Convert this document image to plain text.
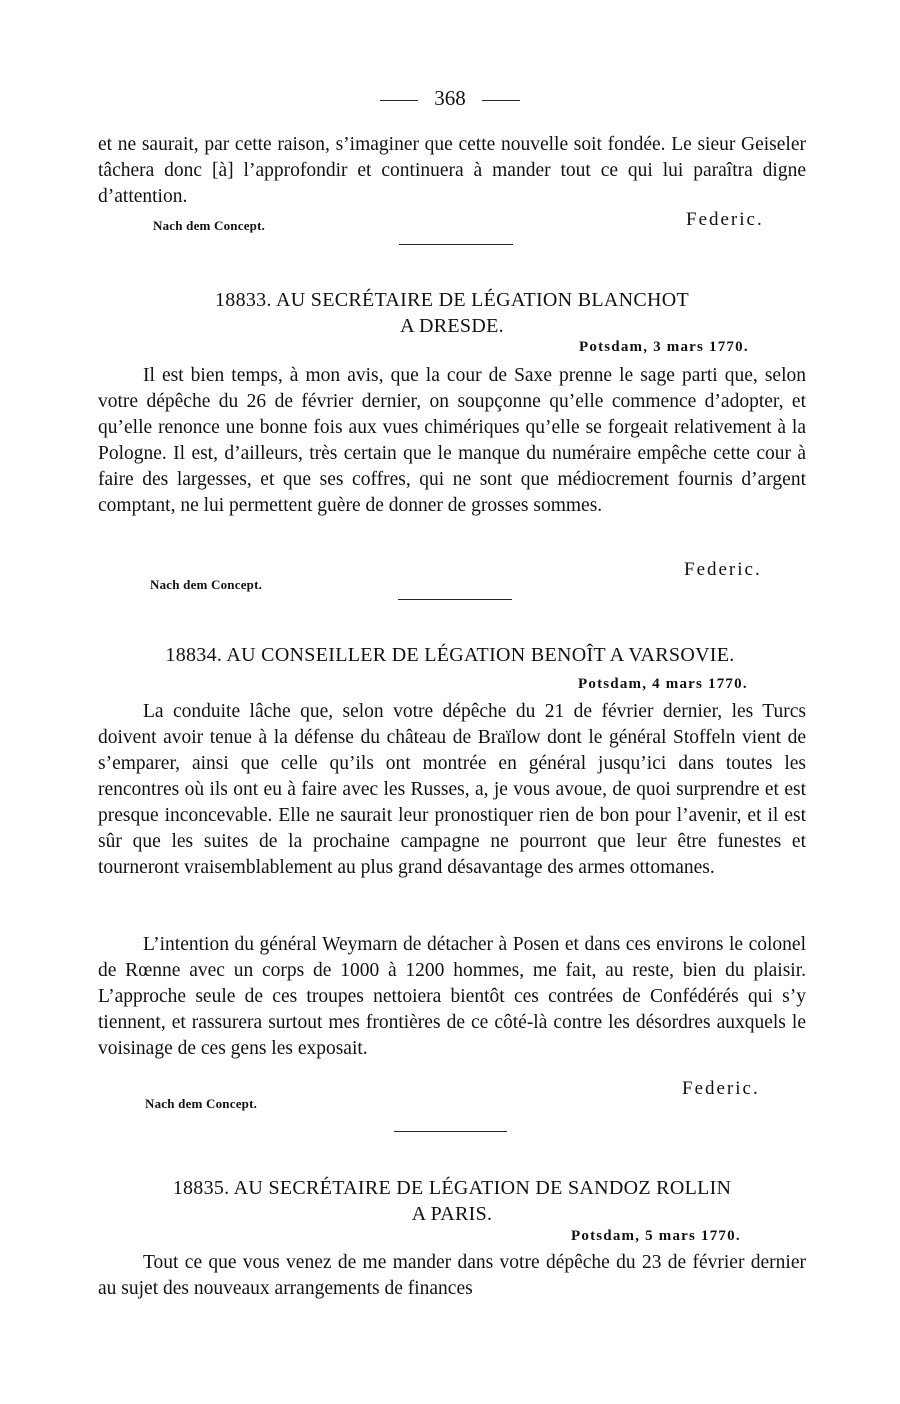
368
et ne saurait, par cette raison, s’imaginer que cette nouvelle soit fondée. Le sieur Geiseler tâchera donc [à] l’approfondir et continuera à mander tout ce qui lui paraîtra digne d’attention.
Nach dem Concept.	Federic.
18833. AU SECRÉTAIRE DE LÉGATION BLANCHOT
A DRESDE.
Potsdam, 3 mars 1770.
Il est bien temps, à mon avis, que la cour de Saxe prenne le sage parti que, selon votre dépêche du 26 de février dernier, on soupçonne qu’elle commence d’adopter, et qu’elle renonce une bonne fois aux vues chimériques qu’elle se forgeait relativement à la Pologne. Il est, d’ailleurs, très certain que le manque du numéraire empêche cette cour à faire des largesses, et que ses coffres, qui ne sont que médiocrement fournis d’argent comptant, ne lui permettent guère de donner de grosses sommes.
Nach dem Concept.
Federic.
18834. AU CONSEILLER DE LÉGATION BENOÎT A VARSOVIE.
Potsdam, 4 mars 1770.
La conduite lâche que, selon votre dépêche du 21 de février dernier, les Turcs doivent avoir tenue à la défense du château de Braïlow dont le général Stoffeln vient de s’emparer, ainsi que celle qu’ils ont montrée en général jusqu’ici dans toutes les rencontres où ils ont eu à faire avec les Russes, a, je vous avoue, de quoi surprendre et est presque inconcevable. Elle ne saurait leur pronostiquer rien de bon pour l’avenir, et il est sûr que les suites de la prochaine campagne ne pourront que leur être funestes et tourneront vraisemblablement au plus grand désavantage des armes ottomanes.
L’intention du général Weymarn de détacher à Posen et dans ces environs le colonel de Rœnne avec un corps de 1000 à 1200 hommes, me fait, au reste, bien du plaisir. L’approche seule de ces troupes nettoiera bientôt ces contrées de Confédérés qui s’y tiennent, et rassurera surtout mes frontières de ce côté-là contre les désordres auxquels le voisinage de ces gens les exposait.
Nach dem Concept.
Federic.
18835. AU SECRÉTAIRE DE LÉGATION DE SANDOZ ROLLIN
A PARIS.
Potsdam, 5 mars 1770.
Tout ce que vous venez de me mander dans votre dépêche du 23 de février dernier au sujet des nouveaux arrangements de finances
